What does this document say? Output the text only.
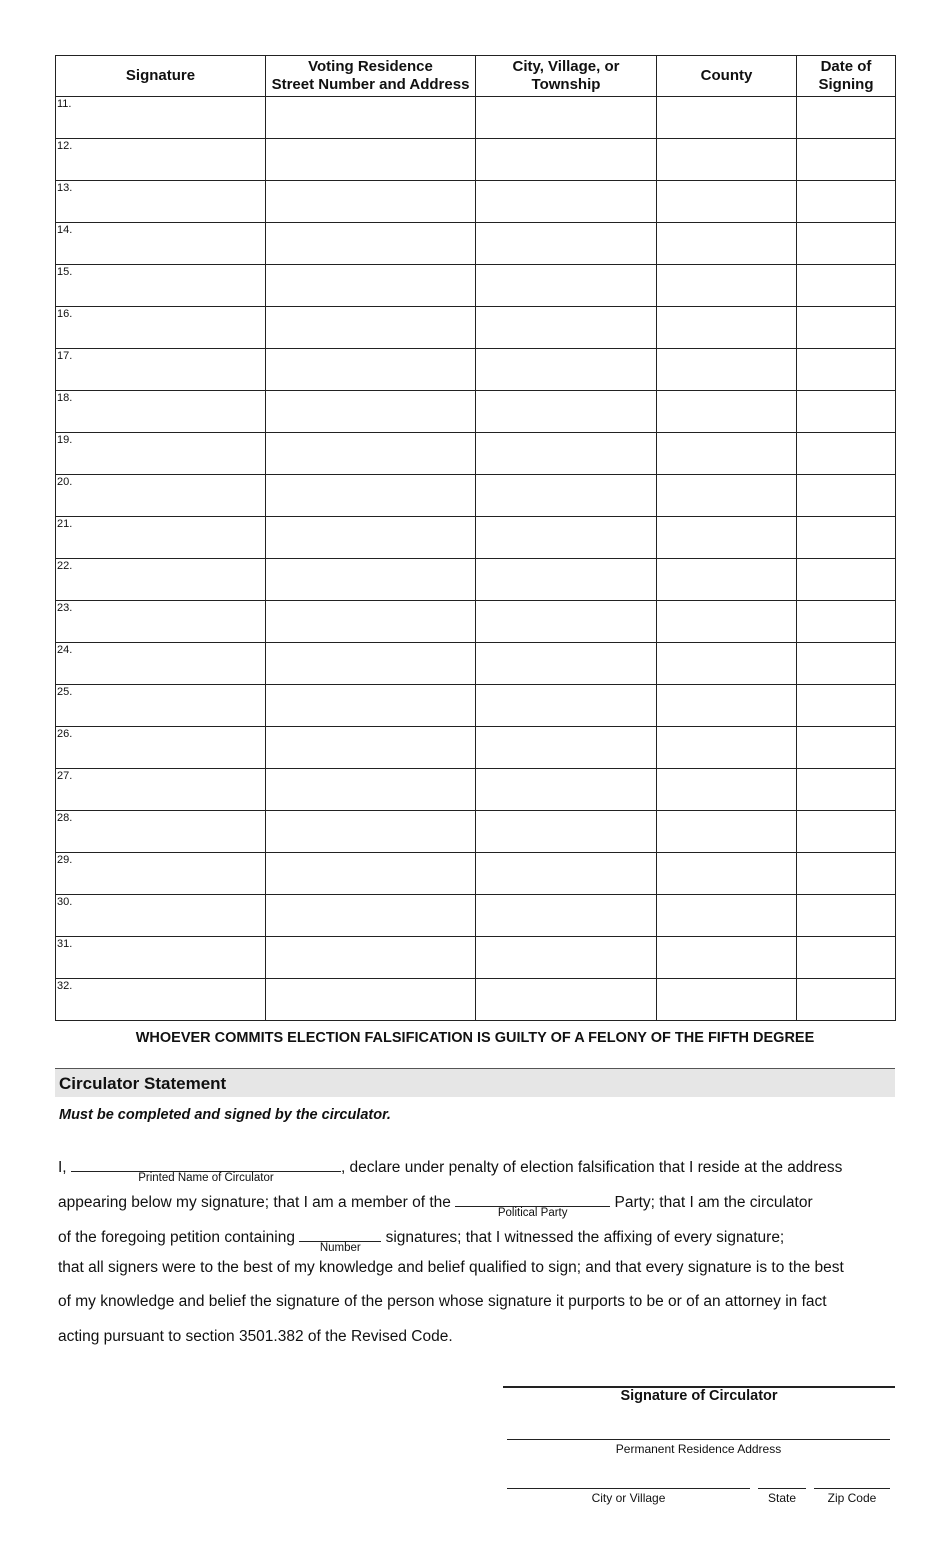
Signature	Voting Residence
Street Number and Address	City, Village, or
Township	County	Date of
Signing

11.				

12.				

13.				

14.				

15.				

16.				

17.				

18.				

19.				

20.				

21.				

22.				

23.				

24.				

25.				

26.				

27.				

28.				

29.				

30.				

31.				

32.				

WHOEVER COMMITS ELECTION FALSIFICATION IS GUILTY OF A FELONY OF THE FIFTH DEGREE
Circulator Statement
Must be completed and signed by the circulator.
I,
Printed Name of Circulator
, declare under penalty of election falsification that I reside at the address
appearing below my signature; that I am a member of the
Political Party
Party; that I am the circulator
of the foregoing petition containing
Number
signatures; that I witnessed the affixing of every signature;
that all signers were to the best of my knowledge and belief qualified to sign; and that every signature is to the best
of my knowledge and belief the signature of the person whose signature it purports to be or of an attorney in fact
acting pursuant to section 3501.382 of the Revised Code.
Signature of Circulator
Permanent Residence Address
City or Village	State	Zip Code
